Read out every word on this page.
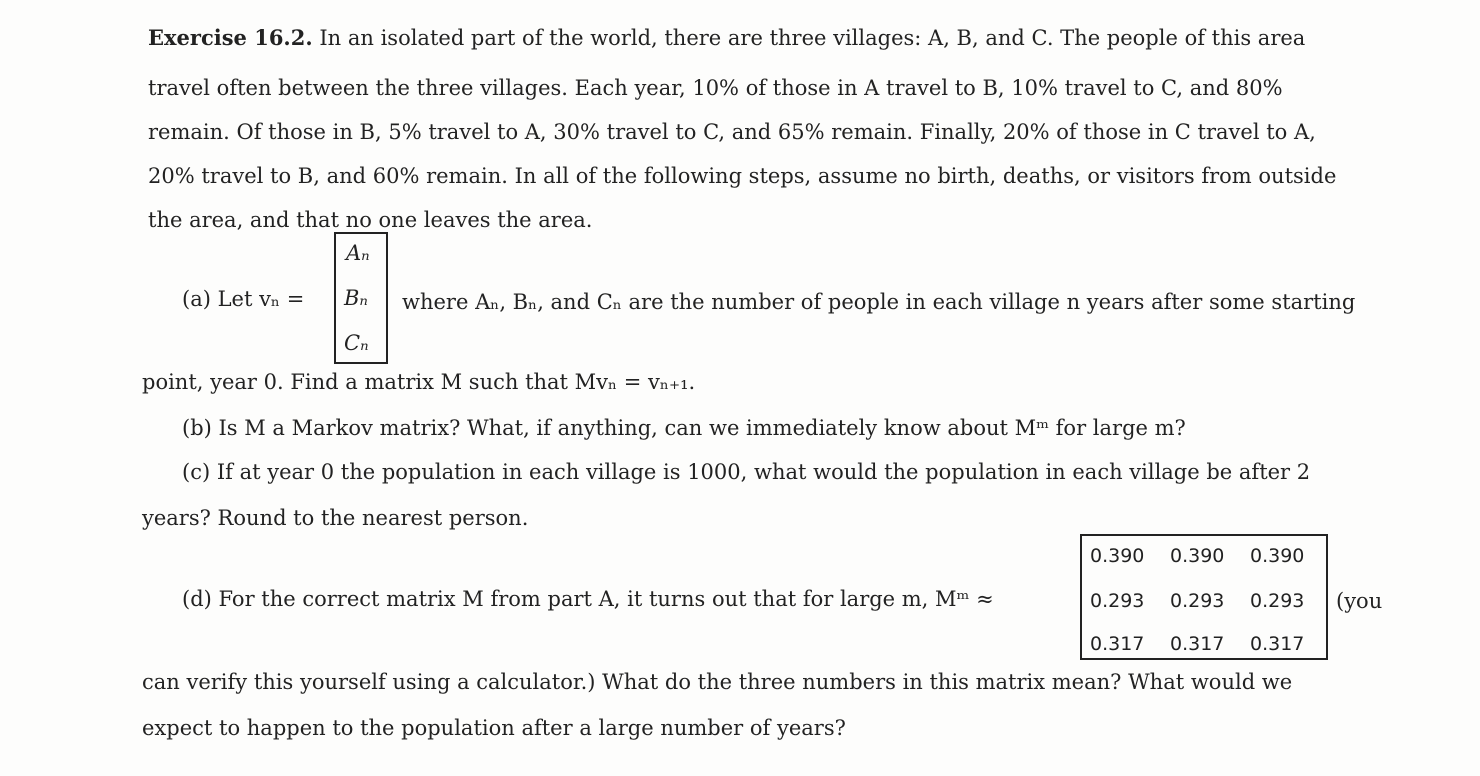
Exercise 16.2. In an isolated part of the world, there are three villages: A, B, and C. The people of this area
travel often between the three villages. Each year, 10% of those in A travel to B, 10% travel to C, and 80%
remain. Of those in B, 5% travel to A, 30% travel to C, and 65% remain. Finally, 20% of those in C travel to A,
20% travel to B, and 60% remain. In all of the following steps, assume no birth, deaths, or visitors from outside
the area, and that no one leaves the area.
(a) Let vₙ =
Aₙ
Bₙ
Cₙ
where Aₙ, Bₙ, and Cₙ are the number of people in each village n years after some starting
point, year 0. Find a matrix M such that Mvₙ = vₙ₊₁.
(b) Is M a Markov matrix? What, if anything, can we immediately know about Mᵐ for large m?
(c) If at year 0 the population in each village is 1000, what would the population in each village be after 2
years? Round to the nearest person.
(d) For the correct matrix M from part A, it turns out that for large m, Mᵐ ≈
0.390 0.390 0.390
0.293 0.293 0.293
0.317 0.317 0.317
(you
can verify this yourself using a calculator.) What do the three numbers in this matrix mean? What would we
expect to happen to the population after a large number of years?
